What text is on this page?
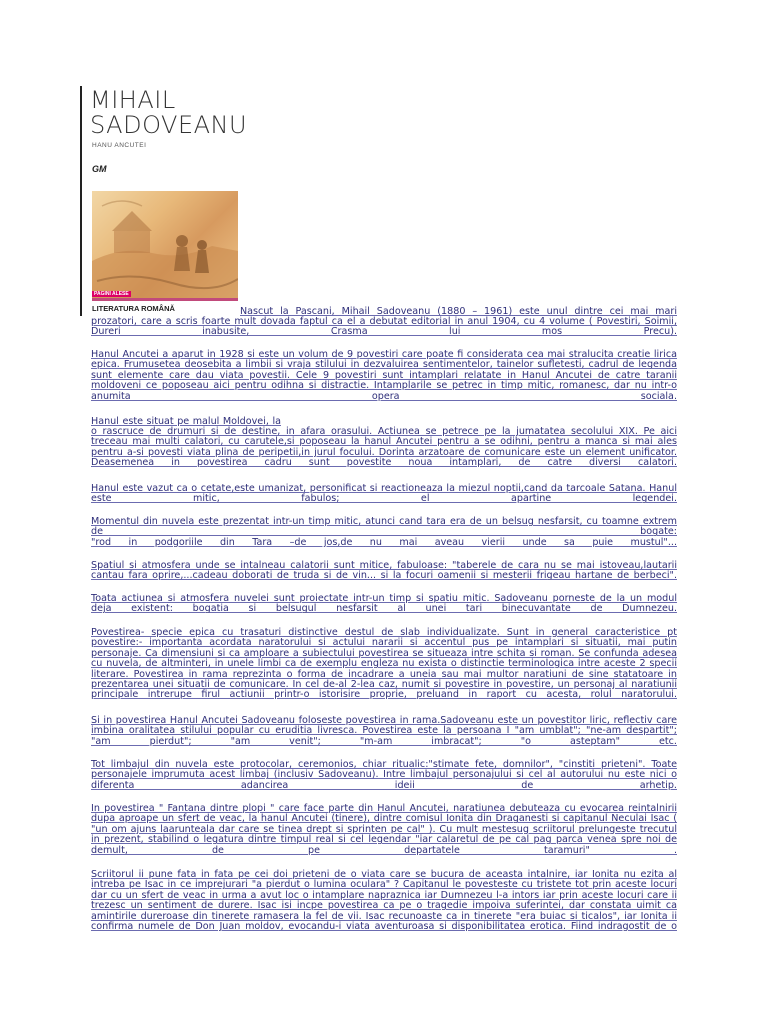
MIHAIL
SADOVEANU
HANU ANCUTEI
GM
PAGINI ALESE
LITERATURA ROMÂNĂ	Nascut la Pascani, Mihail Sadoveanu (1880 – 1961) este unul dintre cei mai mari

prozatori, care a scris foarte mult dovada faptul ca el a debutat editorial in anul 1904, cu 4 volume ( Povestiri, Soimii,

Dureri inabusite, Crasma lui mos Precu).

Hanul Ancutei a aparut in 1928 si este un volum de 9 povestiri care poate fi considerata cea mai stralucita creatie lirica

epica. Frumusetea deosebita a limbii si vraja stilului in dezvaluirea sentimentelor, tainelor sufletesti, cadrul de legenda

sunt elemente care dau viata povestii. Cele 9 povestiri sunt intamplari relatate in Hanul Ancutei de catre taranii

moldoveni ce poposeau aici pentru odihna si distractie. Intamplarile se petrec in timp mitic, romanesc, dar nu intr-o

anumita opera sociala.

Hanul este situat pe malul Moldovei, la

o rascruce de drumuri si de destine, in afara orasului. Actiunea se petrece pe la jumatatea secolului XIX. Pe aici

treceau mai multi calatori, cu carutele,si poposeau la hanul Ancutei pentru a se odihni, pentru a manca si mai ales

pentru a-si povesti viata plina de peripetii,in jurul focului. Dorinta arzatoare de comunicare este un element unificator.

Deasemenea in povestirea cadru sunt povestite noua intamplari, de catre diversi calatori.

Hanul este vazut ca o cetate,este umanizat, personificat si reactioneaza la miezul noptii,cand da tarcoale Satana. Hanul

este mitic, fabulos; el apartine legendei.

Momentul din nuvela este prezentat intr-un timp mitic, atunci cand tara era de un belsug nesfarsit, cu toamne extrem

de bogate:

"rod in podgoriile din Tara –de jos,de nu mai aveau vierii unde sa puie mustul"...

Spatiul si atmosfera unde se intalneau calatorii sunt mitice, fabuloase: "taberele de cara nu se mai istoveau,lautarii

cantau fara oprire,...cadeau doborati de truda si de vin... si la focuri oamenii si mesterii frigeau hartane de berbeci".

Toata actiunea si atmosfera nuvelei sunt proiectate intr-un timp si spatiu mitic. Sadoveanu porneste de la un modul

deja existent: bogatia si belsugul nesfarsit al unei tari binecuvantate de Dumnezeu.

Povestirea- specie epica cu trasaturi distinctive destul de slab individualizate. Sunt in general caracteristice pt

povestire:- importanta acordata naratorului si actului nararii si accentul pus pe intamplari si situatii, mai putin

personaje. Ca dimensiuni si ca amploare a subiectului povestirea se situeaza intre schita si roman. Se confunda adesea

cu nuvela, de altminteri, in unele limbi ca de exemplu engleza nu exista o distinctie terminologica intre aceste 2 specii

literare. Povestirea in rama reprezinta o forma de incadrare a uneia sau mai multor naratiuni de sine statatoare in

prezentarea unei situatii de comunicare. In cel de-al 2-lea caz, numit si povestire in povestire, un personaj al naratiunii

principale intrerupe firul actiunii printr-o istorisire proprie, preluand in raport cu acesta, rolul naratorului.

Si in povestirea Hanul Ancutei Sadoveanu foloseste povestirea in rama.Sadoveanu este un povestitor liric, reflectiv care

imbina oralitatea stilului popular cu eruditia livresca. Povestirea este la persoana I "am umblat"; "ne-am despartit";

"am pierdut"; "am venit"; "m-am imbracat"; "o asteptam" etc.

Tot limbajul din nuvela este protocolar, ceremonios, chiar ritualic:"stimate fete, domnilor", "cinstiti prieteni". Toate

personajele imprumuta acest limbaj (inclusiv Sadoveanu). Intre limbajul personajului si cel al autorului nu este nici o

diferenta adancirea ideii de arhetip.

In povestirea " Fantana dintre plopi " care face parte din Hanul Ancutei, naratiunea debuteaza cu evocarea reintalnirii

dupa aproape un sfert de veac, la hanul Ancutei (tinere), dintre comisul Ionita din Draganesti si capitanul Neculai Isac (

"un om ajuns laarunteala dar care se tinea drept si sprinten pe cal" ). Cu mult mestesug scriitorul prelungeste trecutul

in prezent, stabilind o legatura dintre timpul real si cel legendar "iar calaretul de pe cal pag parca venea spre noi de

demult, de pe departatele taramuri" .

Scriitorul ii pune fata in fata pe cei doi prieteni de o viata care se bucura de aceasta intalnire, iar Ionita nu ezita al

intreba pe Isac in ce imprejurari "a pierdut o lumina oculara" ? Capitanul le povesteste cu tristete tot prin aceste locuri

dar cu un sfert de veac in urma a avut loc o intamplare napraznica iar Dumnezeu l-a intors iar prin aceste locuri care ii

trezesc un sentiment de durere. Isac isi incpe povestirea ca pe o tragedie impoiva suferintei, dar constata uimit ca

amintirile dureroase din tinerete ramasera la fel de vii. Isac recunoaste ca in tinerete "era buiac si ticalos", iar Ionita ii

confirma numele de Don Juan moldov, evocandu-i viata aventuroasa si disponibilitatea erotica. Fiind indragostit de o
